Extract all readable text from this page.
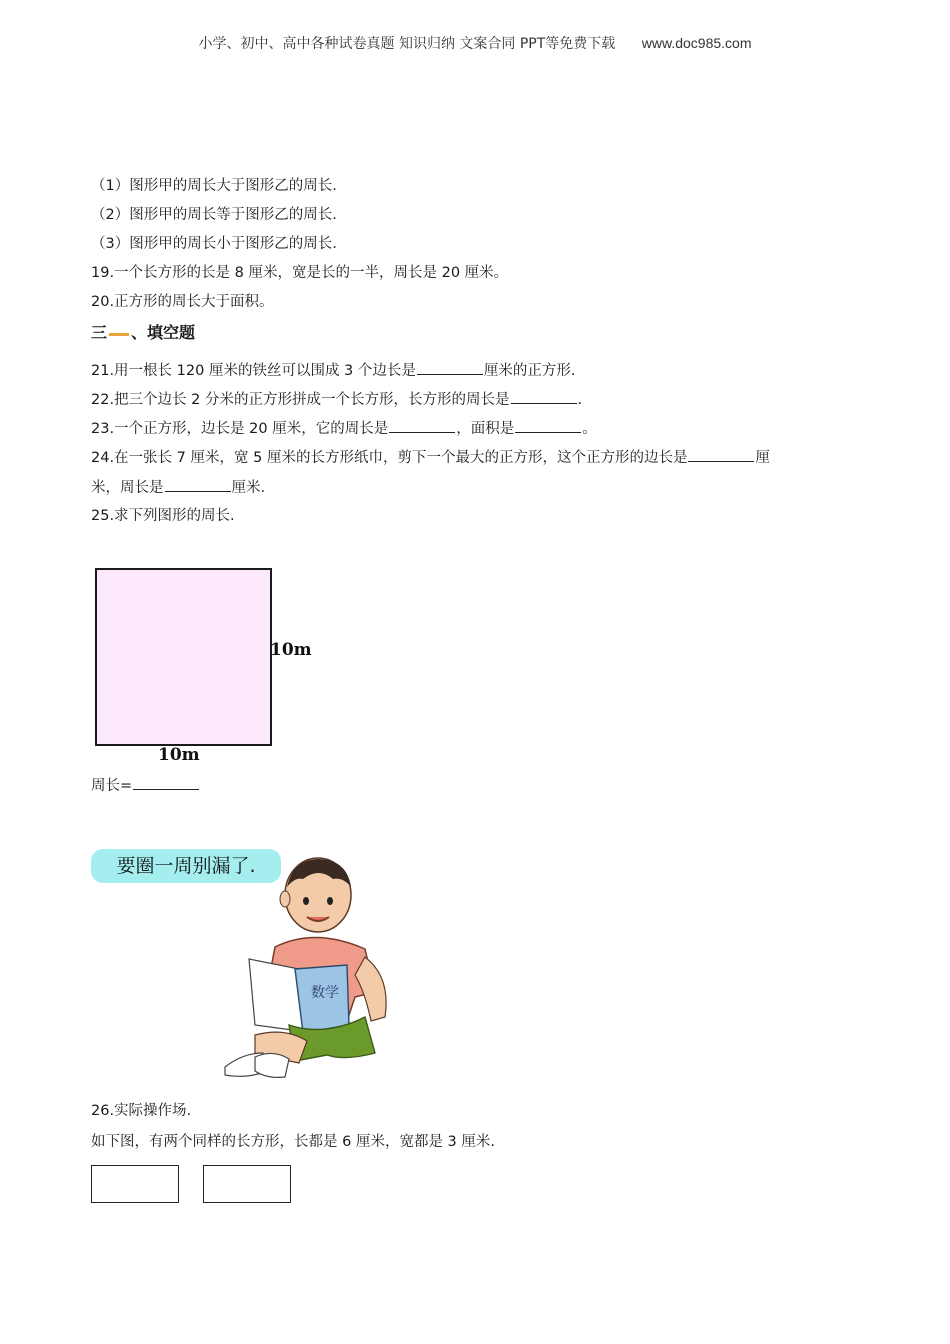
小学、初中、高中各种试卷真题 知识归纳 文案合同 PPT等免费下载 www.doc985.com
（1）图形甲的周长大于图形乙的周长.
（2）图形甲的周长等于图形乙的周长.
（3）图形甲的周长小于图形乙的周长.
19.一个长方形的长是 8 厘米，宽是长的一半，周长是 20 厘米。
20.正方形的周长大于面积。
三 、填空题
21.用一根长 120 厘米的铁丝可以围成 3 个边长是	厘米的正方形.
22.把三个边长 2 分米的正方形拼成一个长方形，长方形的周长是	.
23.一个正方形，边长是 20 厘米，它的周长是	，面积是	。
24.在一张长 7 厘米，宽 5 厘米的长方形纸巾，剪下一个最大的正方形，这个正方形的边长是	厘
米，周长是	厘米.
25.求下列图形的周长.
10m
10m
周长=
要圈一周别漏了.
数学
26.实际操作场.
如下图，有两个同样的长方形，长都是 6 厘米，宽都是 3 厘米.
